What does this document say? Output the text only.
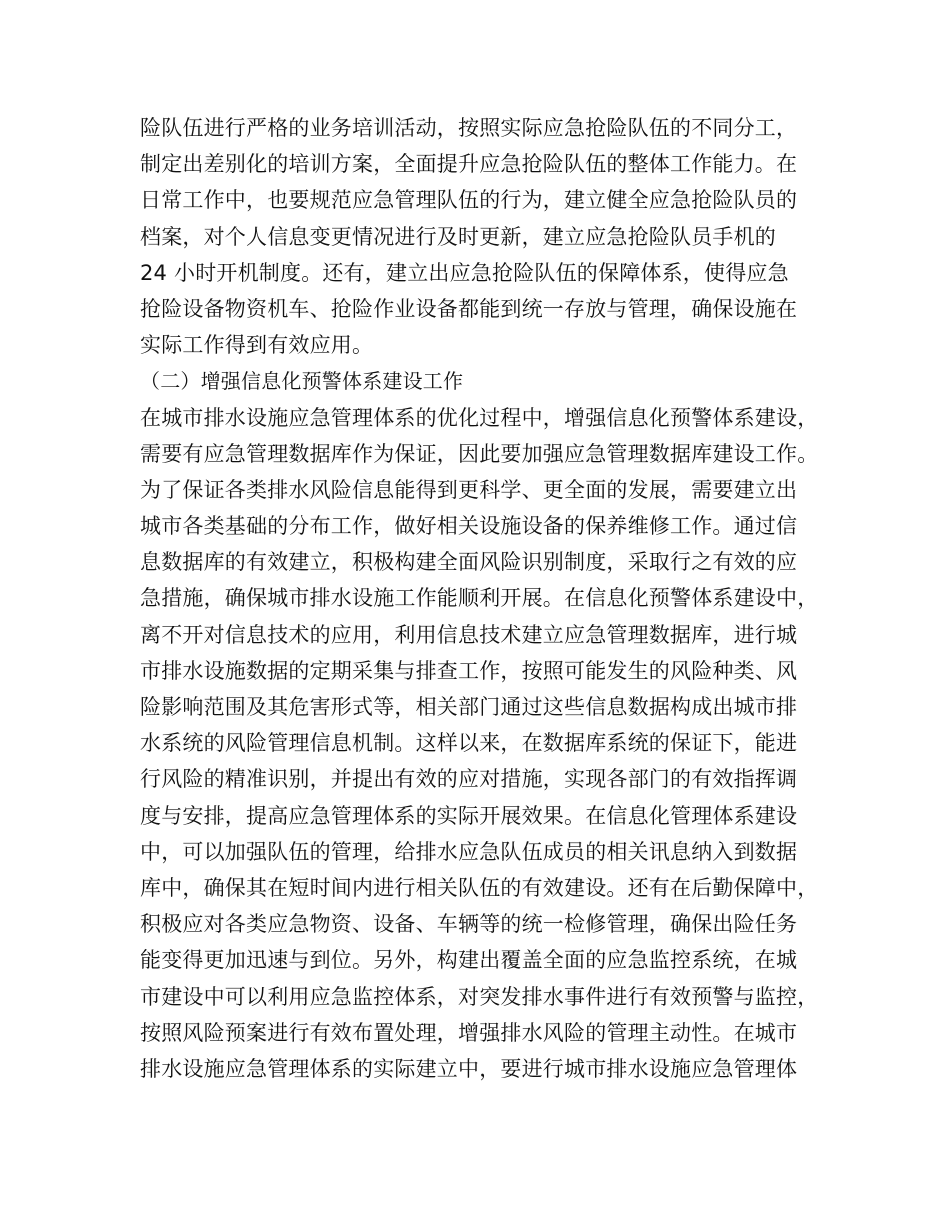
险队伍进行严格的业务培训活动，按照实际应急抢险队伍的不同分工，
制定出差别化的培训方案，全面提升应急抢险队伍的整体工作能力。在
日常工作中，也要规范应急管理队伍的行为，建立健全应急抢险队员的
档案，对个人信息变更情况进行及时更新，建立应急抢险队员手机的
24 小时开机制度。还有，建立出应急抢险队伍的保障体系，使得应急
抢险设备物资机车、抢险作业设备都能到统一存放与管理，确保设施在
实际工作得到有效应用。
（二）增强信息化预警体系建设工作
在城市排水设施应急管理体系的优化过程中，增强信息化预警体系建设，
需要有应急管理数据库作为保证，因此要加强应急管理数据库建设工作。
为了保证各类排水风险信息能得到更科学、更全面的发展，需要建立出
城市各类基础的分布工作，做好相关设施设备的保养维修工作。通过信
息数据库的有效建立，积极构建全面风险识别制度，采取行之有效的应
急措施，确保城市排水设施工作能顺利开展。在信息化预警体系建设中，
离不开对信息技术的应用，利用信息技术建立应急管理数据库，进行城
市排水设施数据的定期采集与排查工作，按照可能发生的风险种类、风
险影响范围及其危害形式等，相关部门通过这些信息数据构成出城市排
水系统的风险管理信息机制。这样以来，在数据库系统的保证下，能进
行风险的精准识别，并提出有效的应对措施，实现各部门的有效指挥调
度与安排，提高应急管理体系的实际开展效果。在信息化管理体系建设
中，可以加强队伍的管理，给排水应急队伍成员的相关讯息纳入到数据
库中，确保其在短时间内进行相关队伍的有效建设。还有在后勤保障中，
积极应对各类应急物资、设备、车辆等的统一检修管理，确保出险任务
能变得更加迅速与到位。另外，构建出覆盖全面的应急监控系统，在城
市建设中可以利用应急监控体系，对突发排水事件进行有效预警与监控，
按照风险预案进行有效布置处理，增强排水风险的管理主动性。在城市
排水设施应急管理体系的实际建立中，要进行城市排水设施应急管理体
